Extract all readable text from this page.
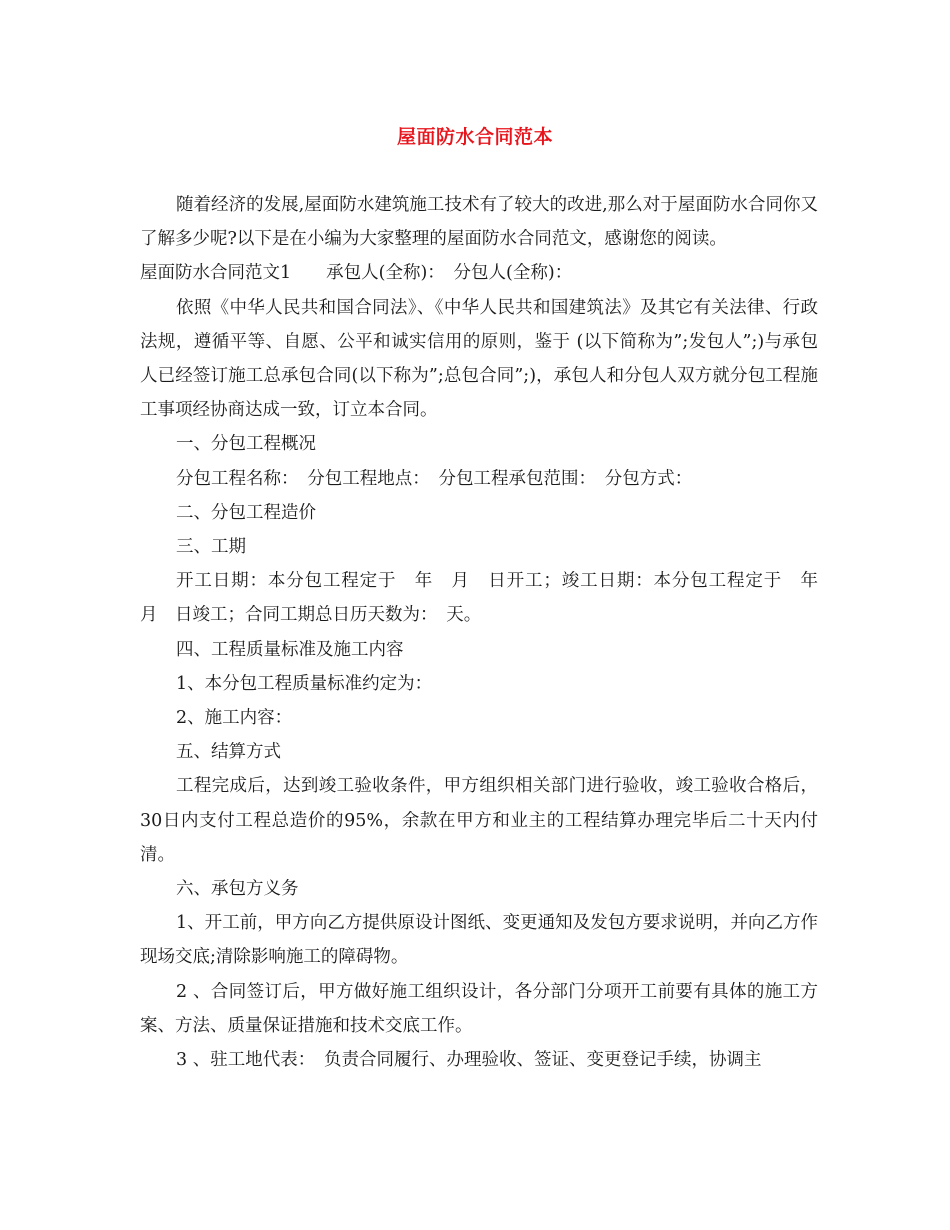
屋面防水合同范本

随着经济的发展,屋面防水建筑施工技术有了较大的改进,那么对于屋面防水合同你又了解多少呢?以下是在小编为大家整理的屋面防水合同范文，感谢您的阅读。

屋面防水合同范文1　　承包人(全称)：　分包人(全称)：

依照《中华人民共和国合同法》、《中华人民共和国建筑法》及其它有关法律、行政法规，遵循平等、自愿、公平和诚实信用的原则，鉴于 (以下简称为”;发包人”;)与承包人已经签订施工总承包合同(以下称为”;总包合同”;)，承包人和分包人双方就分包工程施工事项经协商达成一致，订立本合同。

一、分包工程概况

分包工程名称：　分包工程地点：　分包工程承包范围：　分包方式：

二、分包工程造价

三、工期

开工日期：本分包工程定于　年　月　日开工；竣工日期：本分包工程定于　年　月　日竣工；合同工期总日历天数为：　天。

四、工程质量标准及施工内容

1、本分包工程质量标准约定为：

2、施工内容：

五、结算方式

工程完成后，达到竣工验收条件，甲方组织相关部门进行验收，竣工验收合格后，30日内支付工程总造价的95%，余款在甲方和业主的工程结算办理完毕后二十天内付清。

六、承包方义务

1、开工前，甲方向乙方提供原设计图纸、变更通知及发包方要求说明，并向乙方作现场交底;清除影响施工的障碍物。

2 、合同签订后，甲方做好施工组织设计，各分部门分项开工前要有具体的施工方案、方法、质量保证措施和技术交底工作。

3 、驻工地代表：　负责合同履行、办理验收、签证、变更登记手续，协调主
